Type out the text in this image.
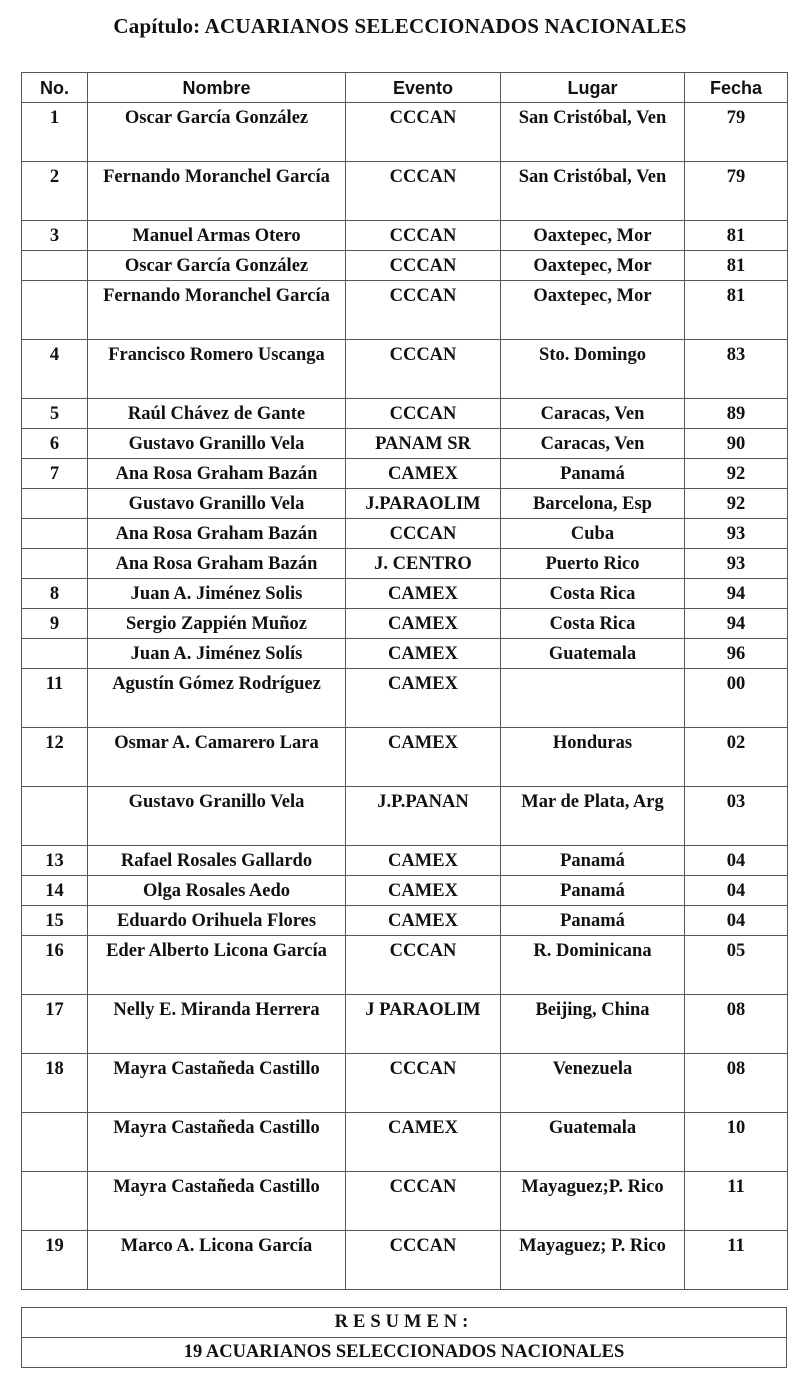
Capítulo: ACUARIANOS SELECCIONADOS NACIONALES
No.	Nombre	Evento	Lugar	Fecha
1	Oscar García González	CCCAN	San Cristóbal, Ven	79
2	Fernando Moranchel García	CCCAN	San Cristóbal, Ven	79
3	Manuel Armas Otero	CCCAN	Oaxtepec, Mor	81
	Oscar García González	CCCAN	Oaxtepec, Mor	81
	Fernando Moranchel García	CCCAN	Oaxtepec, Mor	81
4	Francisco Romero Uscanga	CCCAN	Sto. Domingo	83
5	Raúl Chávez de Gante	CCCAN	Caracas, Ven	89
6	Gustavo Granillo Vela	PANAM SR	Caracas, Ven	90
7	Ana Rosa Graham Bazán	CAMEX	Panamá	92
	Gustavo Granillo Vela	J.PARAOLIM	Barcelona, Esp	92
	Ana Rosa Graham Bazán	CCCAN	Cuba	93
	Ana Rosa Graham Bazán	J. CENTRO	Puerto Rico	93
8	Juan A. Jiménez Solis	CAMEX	Costa Rica	94
9	Sergio Zappién Muñoz	CAMEX	Costa Rica	94
	Juan A. Jiménez Solís	CAMEX	Guatemala	96
11	Agustín Gómez Rodríguez	CAMEX		00
12	Osmar A. Camarero Lara	CAMEX	Honduras	02
	Gustavo Granillo Vela	J.P.PANAN	Mar de Plata, Arg	03
13	Rafael Rosales Gallardo	CAMEX	Panamá	04
14	Olga Rosales Aedo	CAMEX	Panamá	04
15	Eduardo Orihuela Flores	CAMEX	Panamá	04
16	Eder Alberto Licona García	CCCAN	R. Dominicana	05
17	Nelly E. Miranda Herrera	J PARAOLIM	Beijing, China	08
18	Mayra Castañeda Castillo	CCCAN	Venezuela	08
	Mayra Castañeda Castillo	CAMEX	Guatemala	10
	Mayra Castañeda Castillo	CCCAN	Mayaguez;P. Rico	11
19	Marco A. Licona García	CCCAN	Mayaguez; P. Rico	11
RESUMEN:
19 ACUARIANOS SELECCIONADOS NACIONALES
